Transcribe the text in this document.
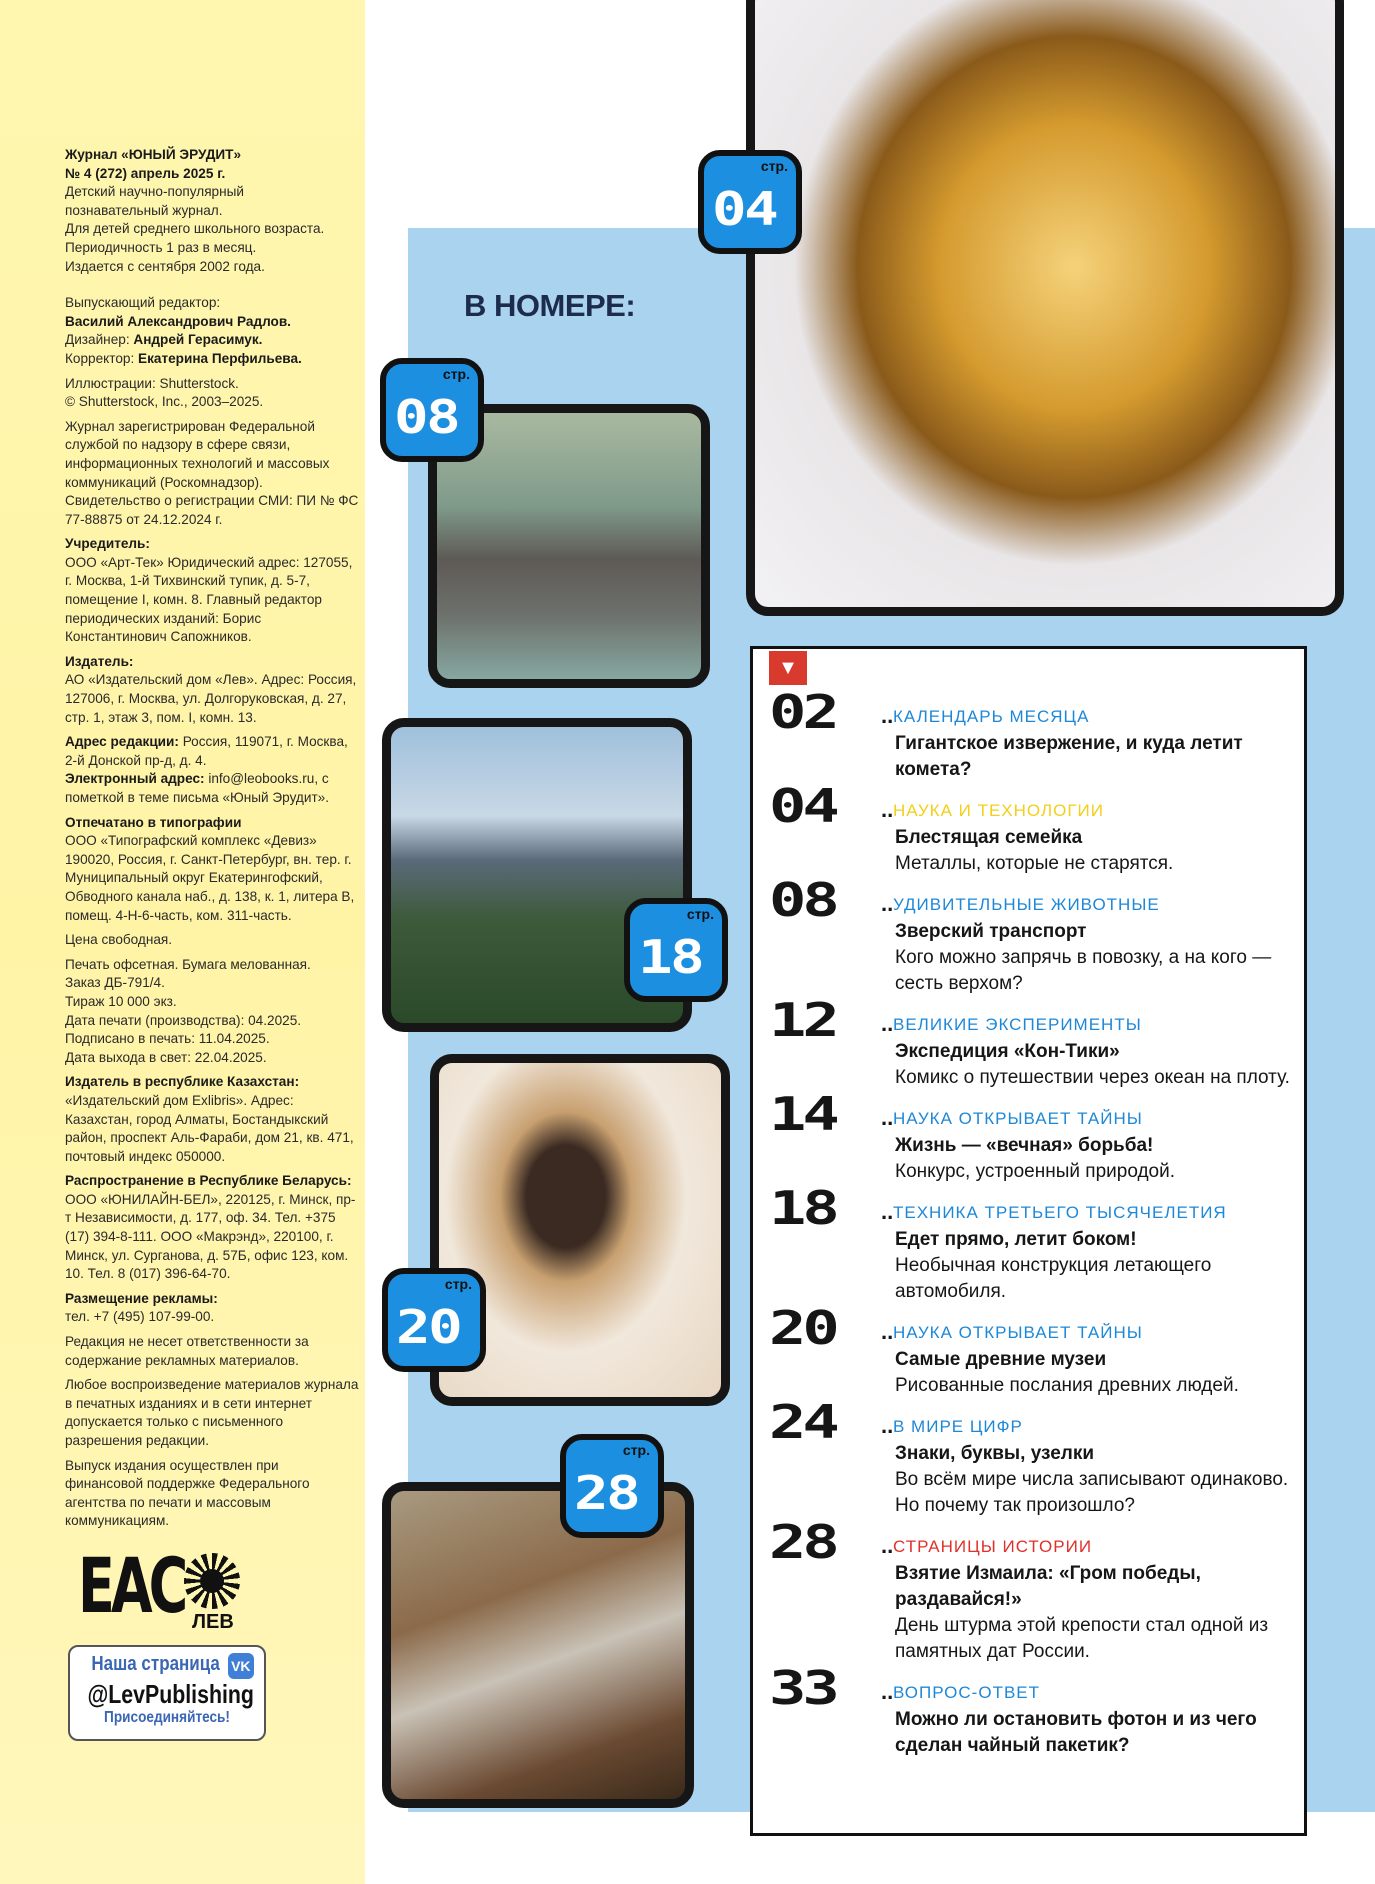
Журнал «ЮНЫЙ ЭРУДИТ»
№ 4 (272) апрель 2025 г.
Детский научно-популярный
познавательный журнал.
Для детей среднего школьного возраста.
Периодичность 1 раз в месяц.
Издается с сентября 2002 года.

Выпускающий редактор:
Василий Александрович Радлов.
Дизайнер: Андрей Герасимук.
Корректор: Екатерина Перфильева.

Иллюстрации: Shutterstock.
© Shutterstock, Inc., 2003–2025.

Журнал зарегистрирован Федеральной службой по надзору в сфере связи, информационных технологий и массовых коммуникаций (Роскомнадзор). Свидетельство о регистрации СМИ: ПИ № ФС 77-88875 от 24.12.2024 г.

Учредитель:
ООО «Арт-Тек» Юридический адрес: 127055, г. Москва, 1-й Тихвинский тупик, д. 5-7, помещение I, комн. 8. Главный редактор периодических изданий: Борис Константинович Сапожников.

Издатель:
АО «Издательский дом «Лев». Адрес: Россия, 127006, г. Москва, ул. Долгоруковская, д. 27, стр. 1, этаж 3, пом. I, комн. 13.

Адрес редакции: Россия, 119071, г. Москва, 2-й Донской пр-д, д. 4.
Электронный адрес: info@leobooks.ru, с пометкой в теме письма «Юный Эрудит».

Отпечатано в типографии
ООО «Типографский комплекс «Девиз» 190020, Россия, г. Санкт-Петербург, вн. тер. г. Муниципальный округ Екатерингофский, Обводного канала наб., д. 138, к. 1, литера В, помещ. 4-Н-6-часть, ком. 311-часть.

Цена свободная.

Печать офсетная. Бумага мелованная.
Заказ ДБ-791/4.
Тираж 10 000 экз.
Дата печати (производства): 04.2025.
Подписано в печать: 11.04.2025.
Дата выхода в свет: 22.04.2025.

Издатель в республике Казахстан:
«Издательский дом Exlibris». Адрес: Казахстан, город Алматы, Бостандыкский район, проспект Аль-Фараби, дом 21, кв. 471, почтовый индекс 050000.

Распространение в Республике Беларусь:
ООО «ЮНИЛАЙН-БЕЛ», 220125, г. Минск, пр-т Независимости, д. 177, оф. 34. Тел. +375 (17) 394-8-111. ООО «Макрэнд», 220100, г. Минск, ул. Сурганова, д. 57Б, офис 123, ком. 10. Тел. 8 (017) 396-64-70.

Размещение рекламы:
тел. +7 (495) 107-99-00.

Редакция не несет ответственности за содержание рекламных материалов.

Любое воспроизведение материалов журнала в печатных изданиях и в сети интернет допускается только с письменного разрешения редакции.

Выпуск издания осуществлен при финансовой поддержке Федерального агентства по печати и массовым коммуникациям.

ЕАС ЛЕВ
Наша страница VK
@LevPublishing
Присоединяйтесь!
В НОМЕРЕ:
стр.
04
стр.
08
стр.
18
стр.
20
стр.
28
▼
02 .. КАЛЕНДАРЬ МЕСЯЦА
Гигантское извержение, и куда летит комета?
04 .. НАУКА И ТЕХНОЛОГИИ
Блестящая семейка
Металлы, которые не старятся.
08 .. УДИВИТЕЛЬНЫЕ ЖИВОТНЫЕ
Зверский транспорт
Кого можно запрячь в повозку, а на кого — сесть верхом?
12 .. ВЕЛИКИЕ ЭКСПЕРИМЕНТЫ
Экспедиция «Кон-Тики»
Комикс о путешествии через океан на плоту.
14 .. НАУКА ОТКРЫВАЕТ ТАЙНЫ
Жизнь — «вечная» борьба!
Конкурс, устроенный природой.
18 .. ТЕХНИКА ТРЕТЬЕГО ТЫСЯЧЕЛЕТИЯ
Едет прямо, летит боком!
Необычная конструкция летающего автомобиля.
20 .. НАУКА ОТКРЫВАЕТ ТАЙНЫ
Самые древние музеи
Рисованные послания древних людей.
24 .. В МИРЕ ЦИФР
Знаки, буквы, узелки
Во всём мире числа записывают одинаково. Но почему так произошло?
28 .. СТРАНИЦЫ ИСТОРИИ
Взятие Измаила: «Гром победы, раздавайся!»
День штурма этой крепости стал одной из памятных дат России.
33 .. ВОПРОС-ОТВЕТ
Можно ли остановить фотон и из чего сделан чайный пакетик?
